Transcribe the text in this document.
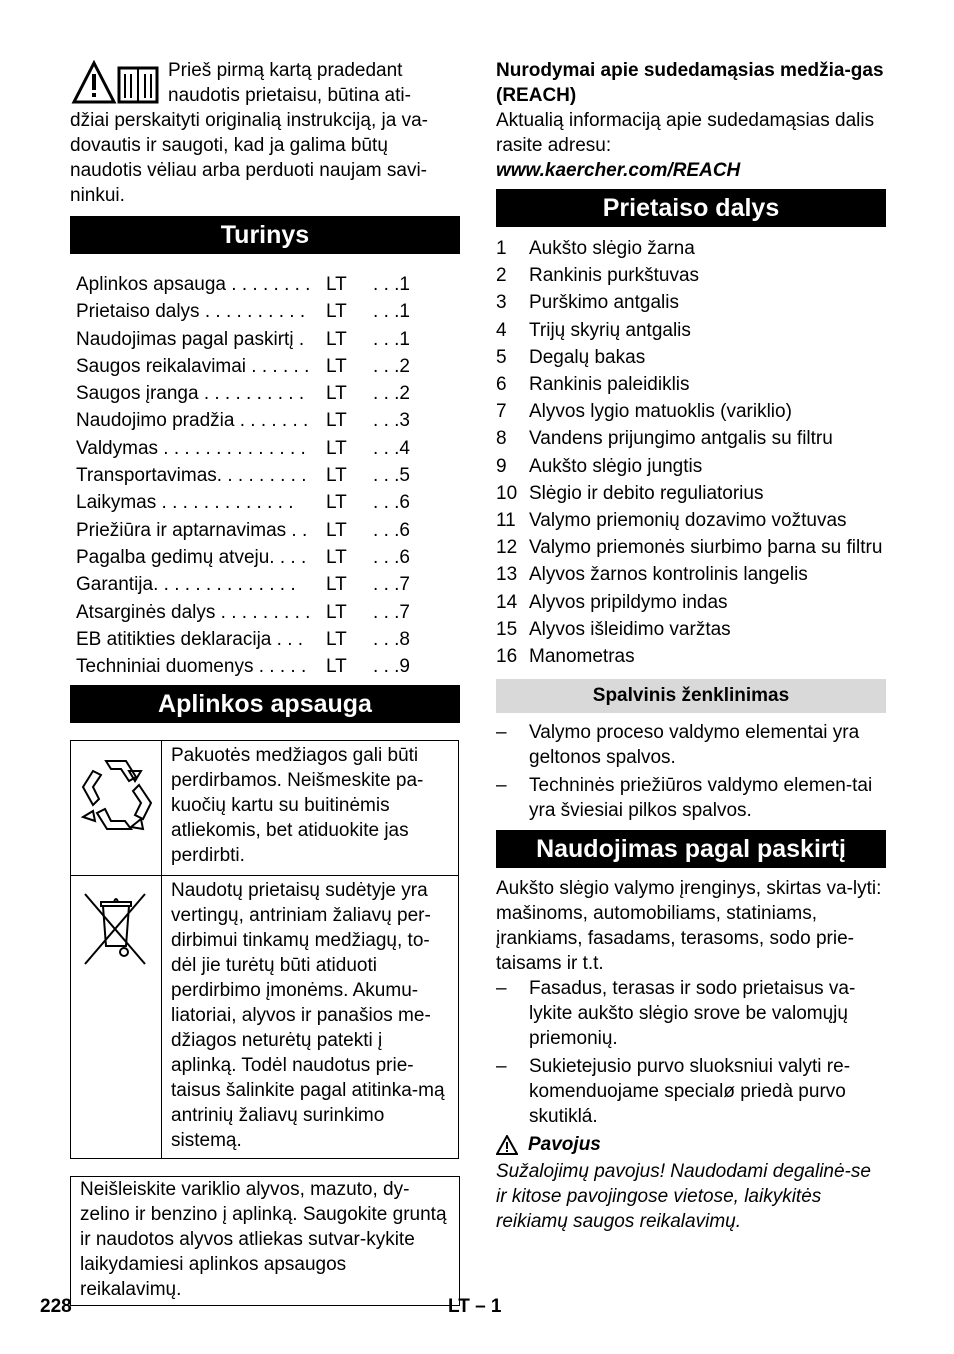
Prieš pirmą kartą pradedant
naudotis prietaisu, būtina ati-

džiai perskaityti originalią instrukciją, ja va-dovautis ir saugoti, kad ja galima būtų naudotis vėliau arba perduoti naujam savi-ninkui.

Turinys
Aplinkos apsauga . . . . . . . . LT	. . .1
Prietaiso dalys . . . . . . . . . .	LT	. . .1
Naudojimas pagal paskirtį .	LT	. . .1
Saugos reikalavimai . . . . . . LT	. . .2
Saugos įranga . . . . . . . . . .	LT	. . .2
Naudojimo pradžia . . . . . . . LT	. . .3
Valdymas . . . . . . . . . . . . . .	LT	. . .4
Transportavimas. . . . . . . . .	LT	. . .5
Laikymas . . . . . . . . . . . . .	LT	. . .6
Priežiūra ir aptarnavimas . . LT	. . .6
Pagalba gedimų atveju. . . .	LT	. . .6
Garantija. . . . . . . . . . . . . .	LT	. . .7
Atsarginės dalys . . . . . . . . . LT	. . .7
EB atitikties deklaracija . . .	LT	. . .8
Techniniai duomenys . . . . .	LT	. . .9
Aplinkos apsauga
	Pakuotės medžiagos gali būti perdirbamos. Neišmeskite pa-kuočių kartu su buitinėmis atliekomis, bet atiduokite jas perdirbti.
	Naudotų prietaisų sudėtyje yra vertingų, antriniam žaliavų per-dirbimui tinkamų medžiagų, to-dėl jie turėtų būti atiduoti perdirbimo įmonėms. Akumu-liatoriai, alyvos ir panašios me-džiagos neturėtų patekti į aplinką. Todėl naudotus prie-taisus šalinkite pagal atitinka-mą antrinių žaliavų surinkimo sistemą.
Neišleiskite variklio alyvos, mazuto, dy-zelino ir benzino į aplinką. Saugokite gruntą ir naudotos alyvos atliekas sutvar-kykite laikydamiesi aplinkos apsaugos reikalavimų.

Nurodymai apie sudedamąsias medžia-gas (REACH)

Aktualią informaciją apie sudedamąsias dalis rasite adresu:

www.kaercher.com/REACH

Prietaiso dalys
1	Aukšto slėgio žarna
2	Rankinis purkštuvas
3	Purškimo antgalis
4	Trijų skyrių antgalis
5	Degalų bakas
6	Rankinis paleidiklis
7	Alyvos lygio matuoklis (variklio)
8	Vandens prijungimo antgalis su filtru
9	Aukšto slėgio jungtis
10 Slėgio ir debito reguliatorius
11 Valymo priemonių dozavimo vožtuvas
12 Valymo priemonės siurbimo þarna su filtru
13 Alyvos žarnos kontrolinis langelis
14 Alyvos pripildymo indas
15 Alyvos išleidimo varžtas
16 Manometras
Spalvinis ženklinimas
–	Valymo proceso valdymo elementai yra geltonos spalvos.
–	Techninės priežiūros valdymo elemen-tai yra šviesiai pilkos spalvos.
Naudojimas pagal paskirtį

Aukšto slėgio valymo įrenginys, skirtas va-lyti: mašinoms, automobiliams, statiniams, įrankiams, fasadams, terasoms, sodo prie-taisams ir t.t.

–	Fasadus, terasas ir sodo prietaisus va-lykite aukšto slėgio srove be valomųjų priemonių.
–	Sukietejusio purvo sluoksniui valyti re-komenduojame specialø priedà purvo skutiklá.
Pavojus

Sužalojimų pavojus! Naudodami degalinė-se ir kitose pavojingose vietose, laikykitės reikiamų saugos reikalavimų.

228	LT – 1
